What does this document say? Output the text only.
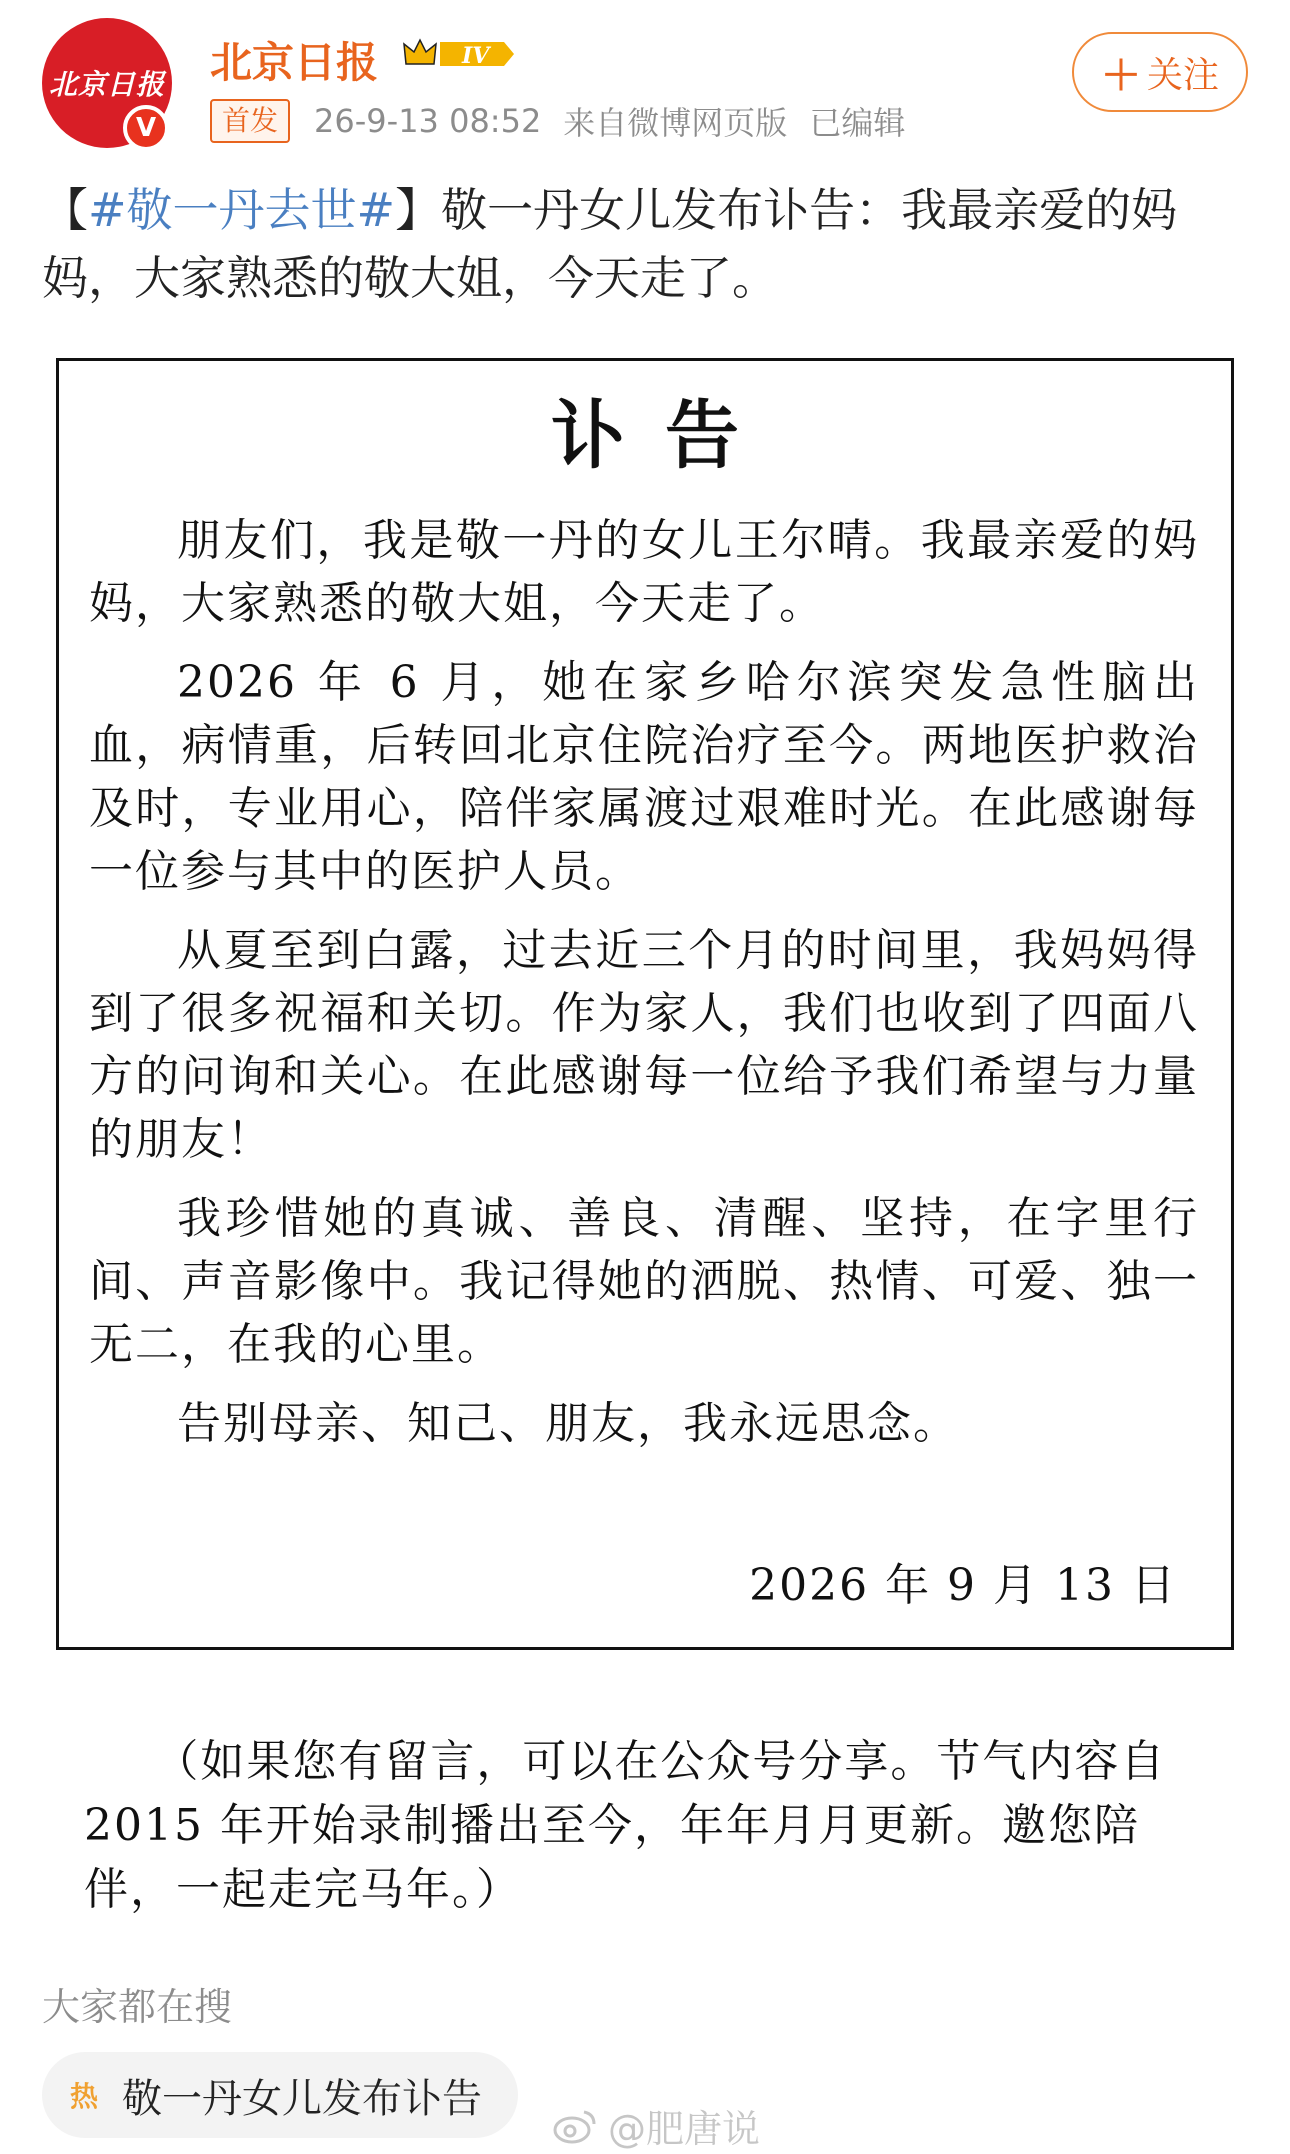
北京日报
V
北京日报	IV
首发	26-9-13 08:52 来自微博网页版 已编辑
＋ 关注
【#敬一丹去世#】敬一丹女儿发布讣告：我最亲爱的妈妈，大家熟悉的敬大姐，今天走了。
讣告

朋友们，我是敬一丹的女儿王尔晴。我最亲爱的妈妈，大家熟悉的敬大姐，今天走了。

2026 年 6 月，她在家乡哈尔滨突发急性脑出血，病情重，后转回北京住院治疗至今。两地医护救治及时，专业用心，陪伴家属渡过艰难时光。在此感谢每一位参与其中的医护人员。

从夏至到白露，过去近三个月的时间里，我妈妈得到了很多祝福和关切。作为家人，我们也收到了四面八方的问询和关心。在此感谢每一位给予我们希望与力量的朋友！

我珍惜她的真诚、善良、清醒、坚持，在字里行间、声音影像中。我记得她的洒脱、热情、可爱、独一无二，在我的心里。

告别母亲、知己、朋友，我永远思念。

2026 年 9 月 13 日
（如果您有留言，可以在公众号分享。节气内容自 2015 年开始录制播出至今，年年月月更新。邀您陪伴，一起走完马年。）
大家都在搜
热 敬一丹女儿发布讣告
@肥唐说
